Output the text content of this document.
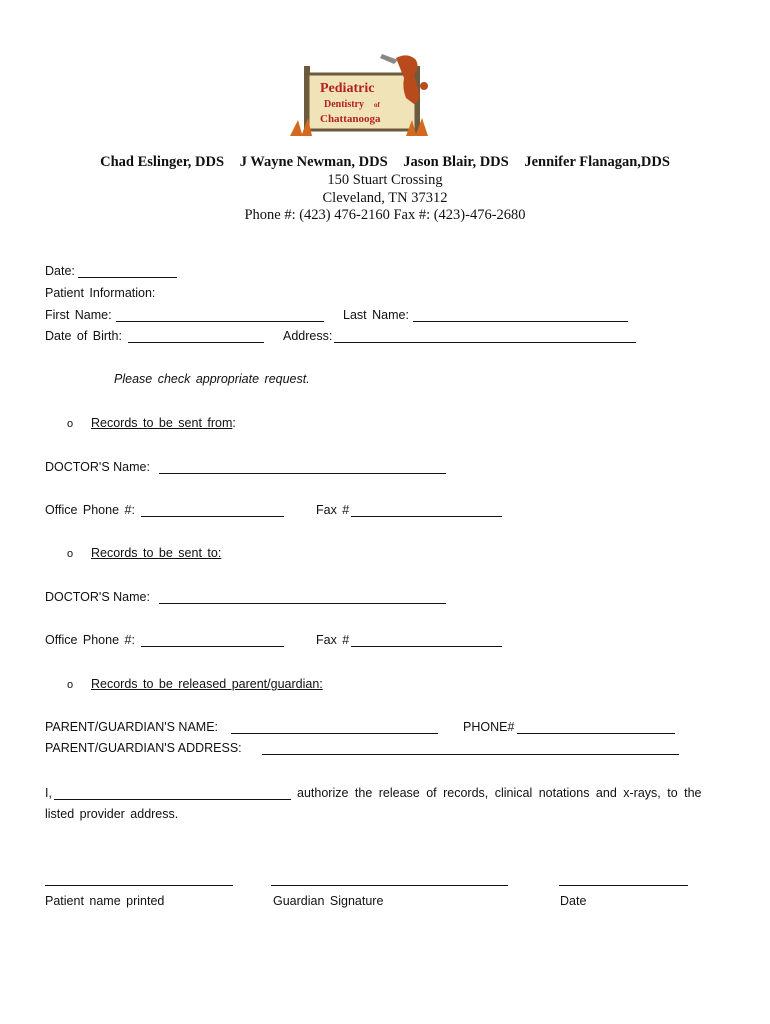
Pediatric
Dentistry of
Chattanooga
Chad Eslinger, DDS J Wayne Newman, DDS Jason Blair, DDS Jennifer Flanagan,DDS
150 Stuart Crossing
Cleveland, TN 37312
Phone #: (423) 476-2160 Fax #: (423)-476-2680
Date:
Patient Information:
First Name:	Last Name:
Date of Birth:	Address:
Please check appropriate request.
o Records to be sent from:
DOCTOR'S Name:
Office Phone #:	Fax #
o Records to be sent to:
DOCTOR'S Name:
Office Phone #:	Fax #
o Records to be released parent/guardian:
PARENT/GUARDIAN'S NAME:	PHONE#
PARENT/GUARDIAN'S ADDRESS:
I,	authorize the release of records, clinical notations and x-rays, to the
listed provider address.
Patient name printed	Guardian Signature	Date
